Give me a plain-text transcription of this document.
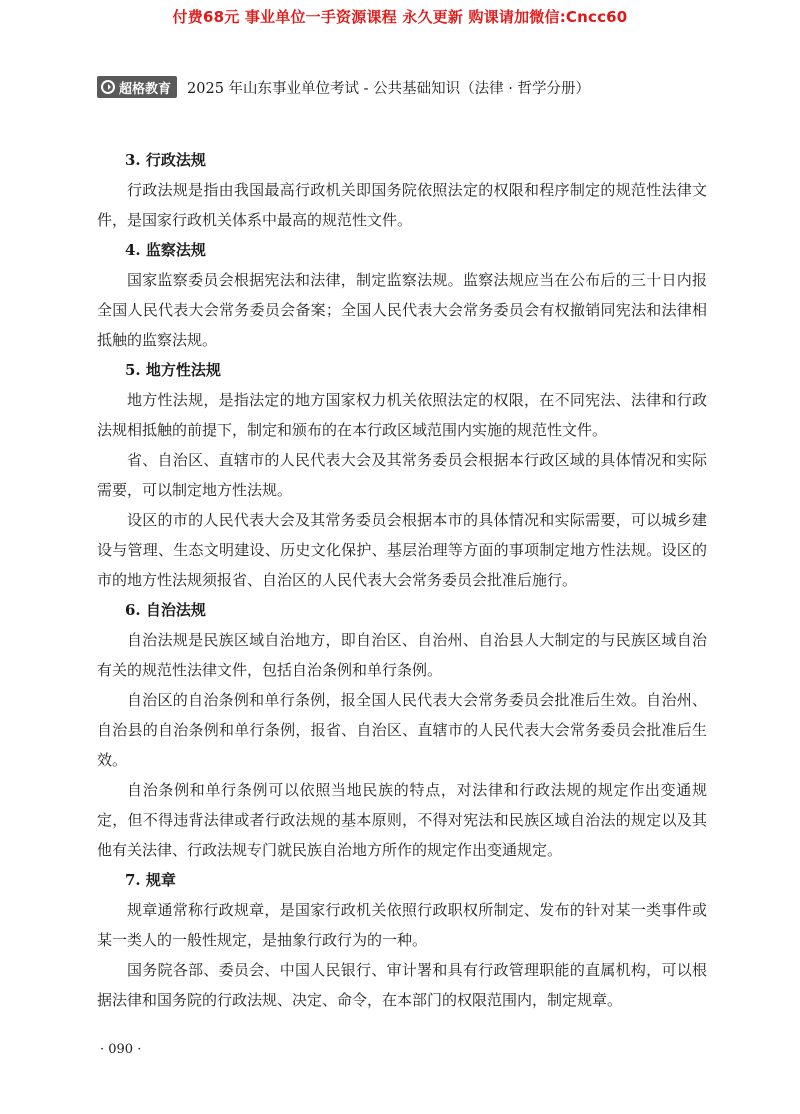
付费68元 事业单位一手资源课程 永久更新 购课请加微信:Cncc60
超格教育 2025 年山东事业单位考试 - 公共基础知识（法律 · 哲学分册）
3. 行政法规

行政法规是指由我国最高行政机关即国务院依照法定的权限和程序制定的规范性法律文件，是国家行政机关体系中最高的规范性文件。

4. 监察法规

国家监察委员会根据宪法和法律，制定监察法规。监察法规应当在公布后的三十日内报全国人民代表大会常务委员会备案；全国人民代表大会常务委员会有权撤销同宪法和法律相抵触的监察法规。

5. 地方性法规

地方性法规，是指法定的地方国家权力机关依照法定的权限，在不同宪法、法律和行政法规相抵触的前提下，制定和颁布的在本行政区域范围内实施的规范性文件。

省、自治区、直辖市的人民代表大会及其常务委员会根据本行政区域的具体情况和实际需要，可以制定地方性法规。

设区的市的人民代表大会及其常务委员会根据本市的具体情况和实际需要，可以城乡建设与管理、生态文明建设、历史文化保护、基层治理等方面的事项制定地方性法规。设区的市的地方性法规须报省、自治区的人民代表大会常务委员会批准后施行。

6. 自治法规

自治法规是民族区域自治地方，即自治区、自治州、自治县人大制定的与民族区域自治有关的规范性法律文件，包括自治条例和单行条例。

自治区的自治条例和单行条例，报全国人民代表大会常务委员会批准后生效。自治州、自治县的自治条例和单行条例，报省、自治区、直辖市的人民代表大会常务委员会批准后生效。

自治条例和单行条例可以依照当地民族的特点，对法律和行政法规的规定作出变通规定，但不得违背法律或者行政法规的基本原则，不得对宪法和民族区域自治法的规定以及其他有关法律、行政法规专门就民族自治地方所作的规定作出变通规定。

7. 规章

规章通常称行政规章，是国家行政机关依照行政职权所制定、发布的针对某一类事件或某一类人的一般性规定，是抽象行政行为的一种。

国务院各部、委员会、中国人民银行、审计署和具有行政管理职能的直属机构，可以根据法律和国务院的行政法规、决定、命令，在本部门的权限范围内，制定规章。

· 090 ·
